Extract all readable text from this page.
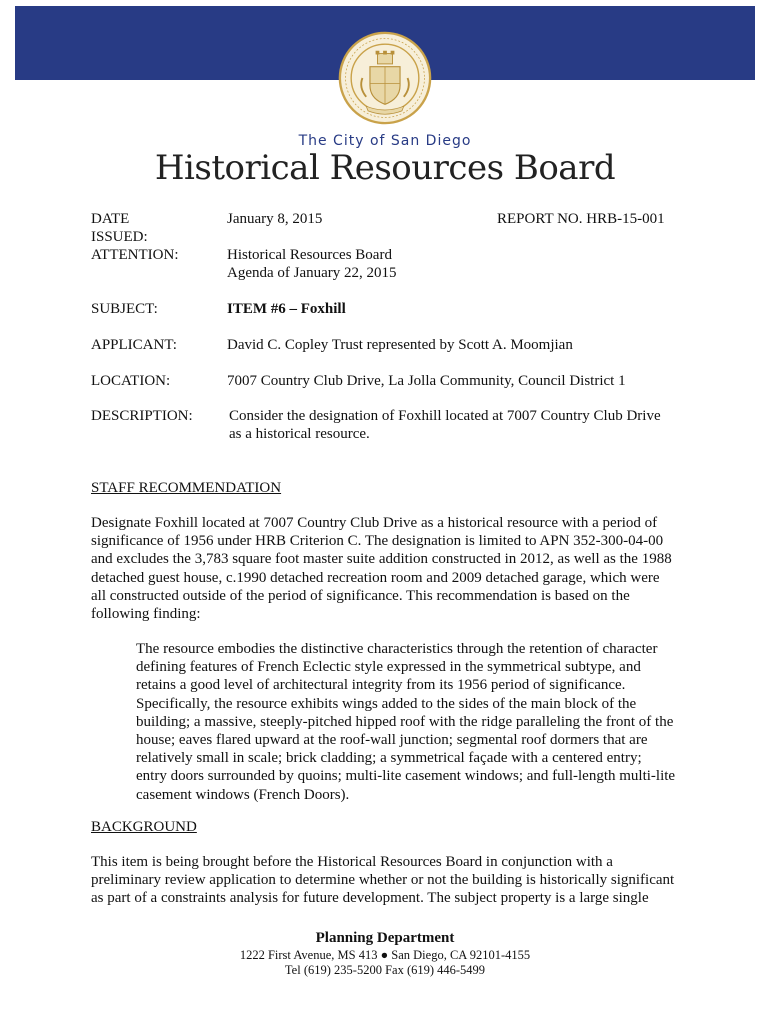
The City of San Diego
Historical Resources Board
DATE ISSUED:
January 8, 2015	REPORT NO. HRB-15-001
ATTENTION:	Historical Resources Board
Agenda of January 22, 2015
SUBJECT:	ITEM #6 – Foxhill
APPLICANT:	David C. Copley Trust represented by Scott A. Moomjian
LOCATION:	7007 Country Club Drive, La Jolla Community, Council District 1
DESCRIPTION: Consider the designation of Foxhill located at 7007 Country Club Drive
as a historical resource.
STAFF RECOMMENDATION
Designate Foxhill located at 7007 Country Club Drive as a historical resource with a period of
significance of 1956 under HRB Criterion C. The designation is limited to APN 352-300-04-00
and excludes the 3,783 square foot master suite addition constructed in 2012, as well as the 1988
detached guest house, c.1990 detached recreation room and 2009 detached garage, which were
all constructed outside of the period of significance. This recommendation is based on the
following finding:
The resource embodies the distinctive characteristics through the retention of character
defining features of French Eclectic style expressed in the symmetrical subtype, and
retains a good level of architectural integrity from its 1956 period of significance.
Specifically, the resource exhibits wings added to the sides of the main block of the
building; a massive, steeply-pitched hipped roof with the ridge paralleling the front of the
house; eaves flared upward at the roof-wall junction; segmental roof dormers that are
relatively small in scale; brick cladding; a symmetrical façade with a centered entry;
entry doors surrounded by quoins; multi-lite casement windows; and full-length multi-lite
casement windows (French Doors).
BACKGROUND
This item is being brought before the Historical Resources Board in conjunction with a
preliminary review application to determine whether or not the building is historically significant
as part of a constraints analysis for future development. The subject property is a large single
Planning Department
1222 First Avenue, MS 413 ● San Diego, CA 92101-4155
Tel (619) 235-5200 Fax (619) 446-5499
